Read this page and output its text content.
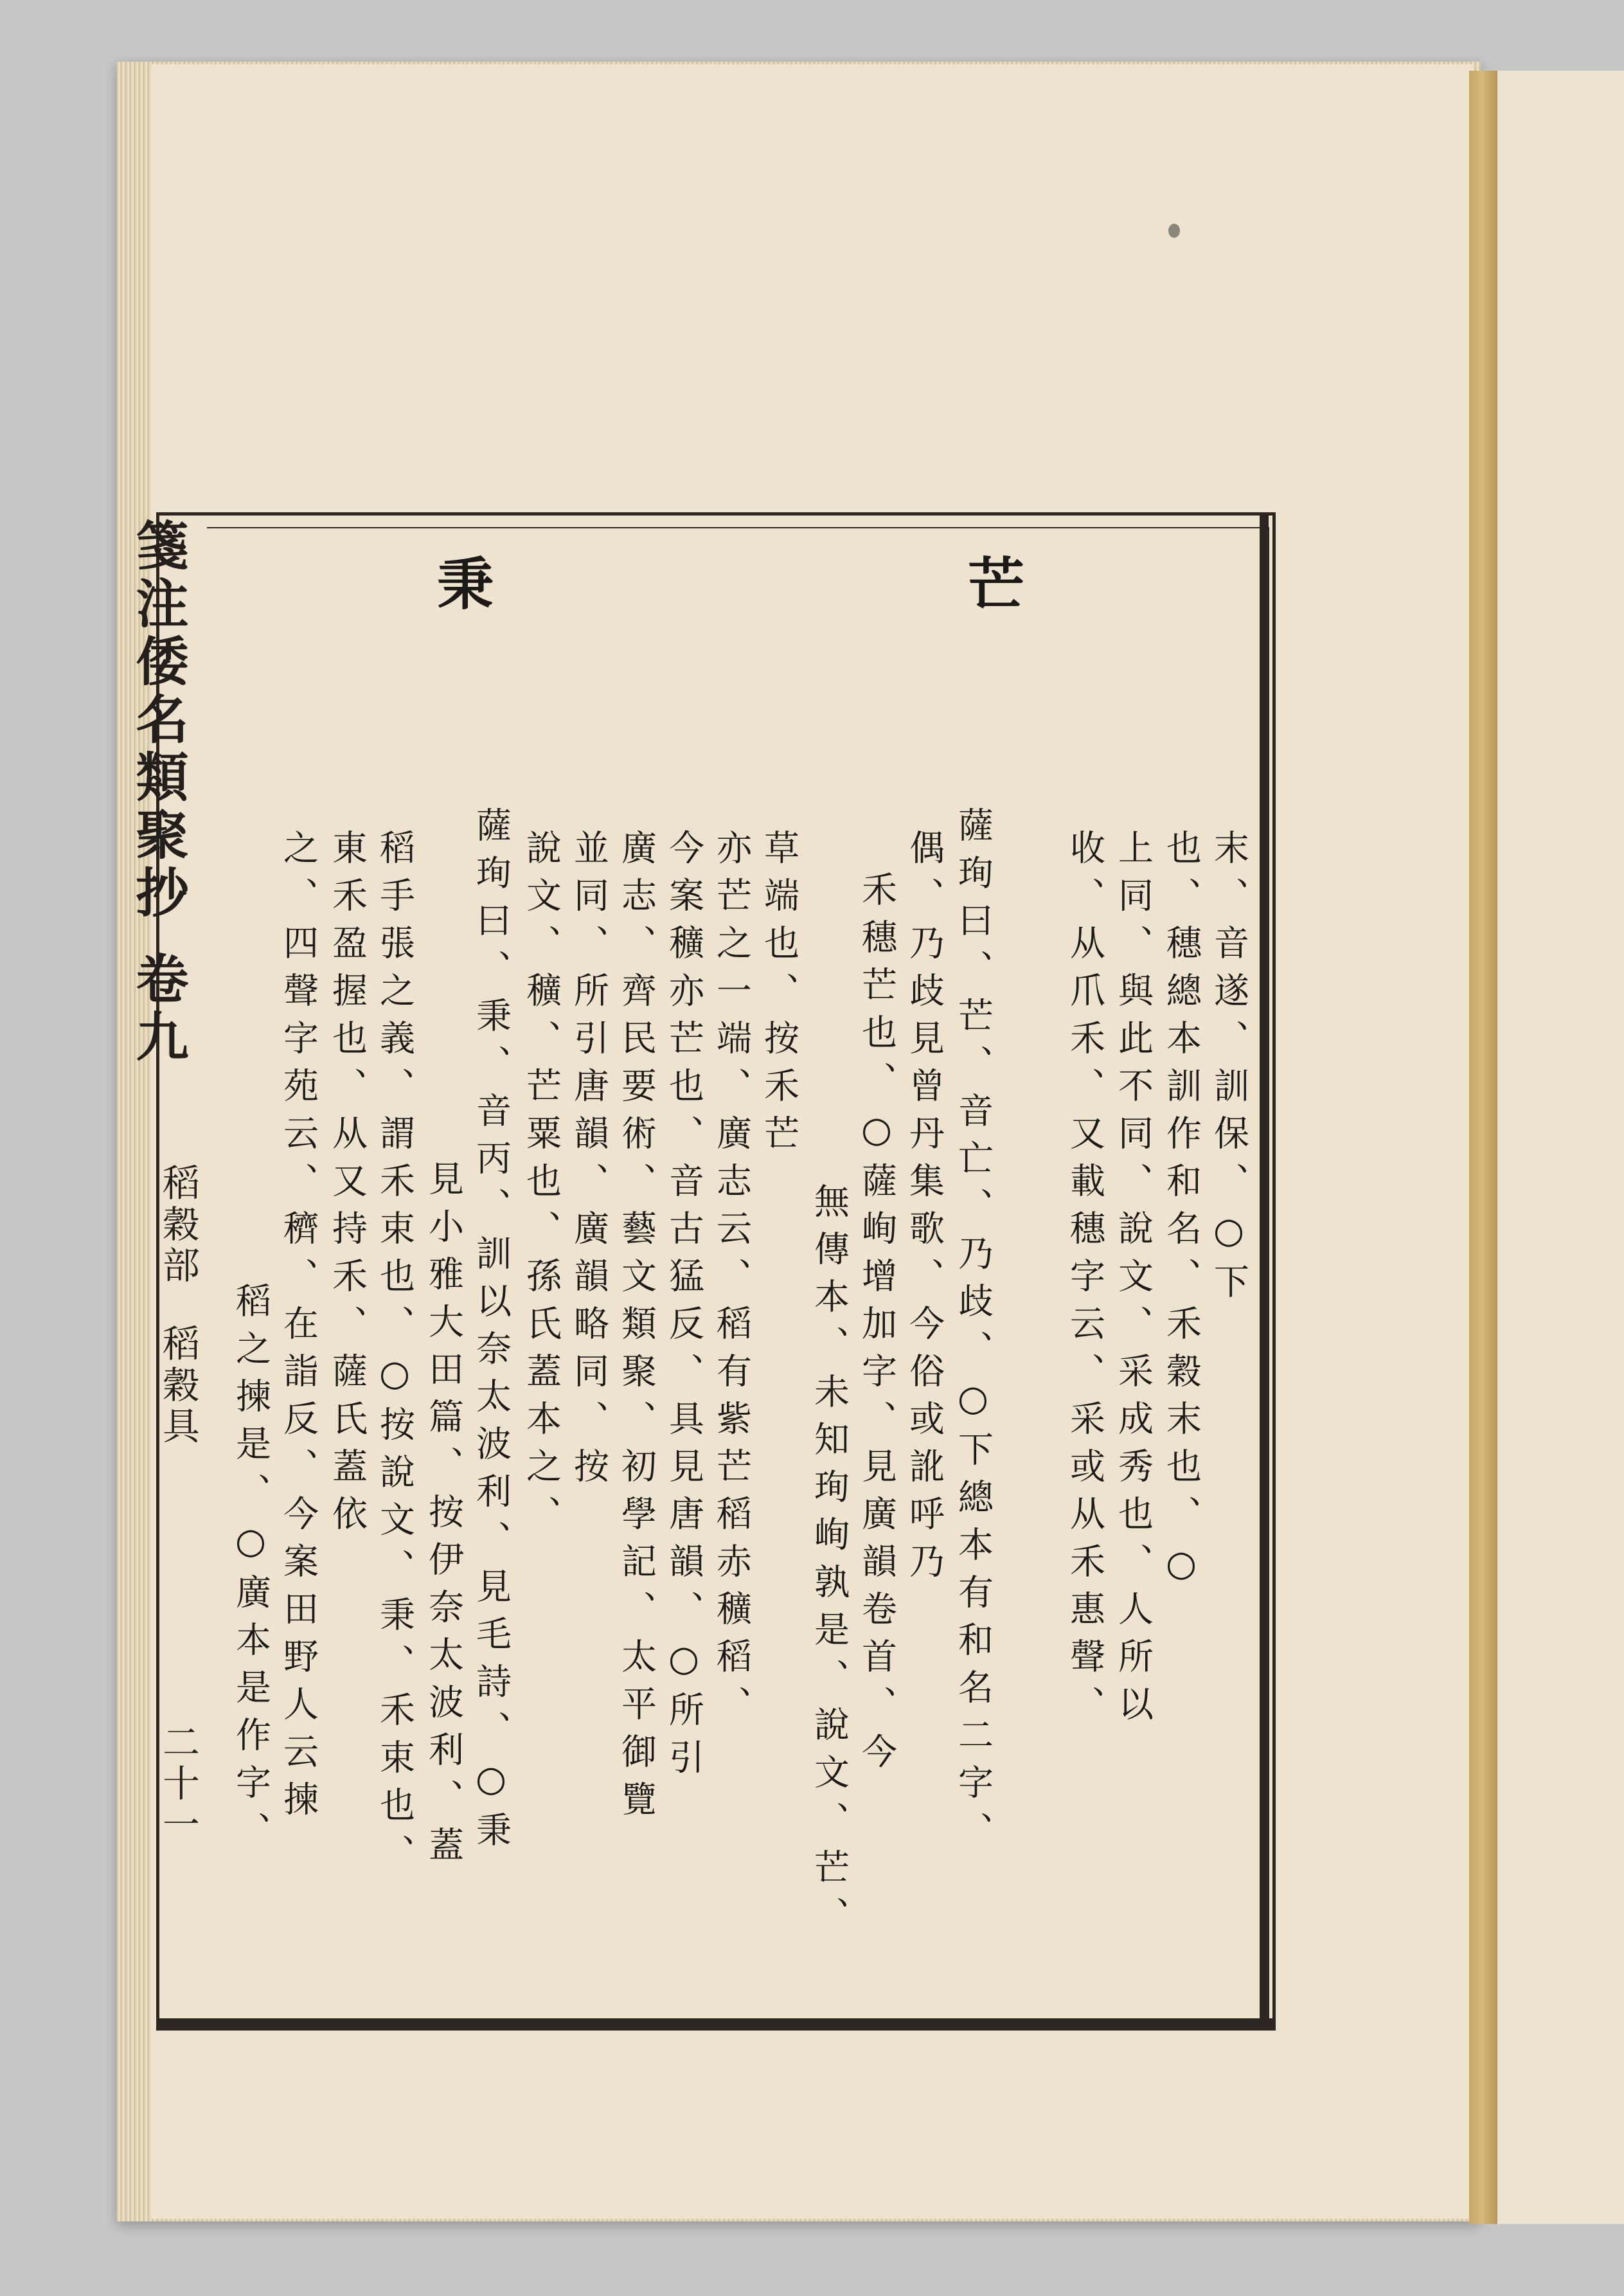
箋注倭名類聚抄
卷九
稻穀部
稻穀具
二十一
芒
秉
末、音遂、訓保、○下
也、穗總本訓作和名、禾穀末也、○
上同、與此不同、說文、采成秀也、人所以
收、从爪禾、又載穗字云、采或从禾惠聲、
薩珣曰、芒、音亡、乃歧、○下總本有和名二字、
偶、乃歧見曾丹集歌、今俗或訛呼乃
禾穗芒也、○薩峋增加字、見廣韻卷首、今
無傳本、未知珣峋孰是、說文、芒、
草端也、按禾芒
亦芒之一端、廣志云、稻有紫芒稻赤穬稻、
今案穬亦芒也、音古猛反、具見唐韻、○所引
廣志、齊民要術、藝文類聚、初學記、太平御覽
並同、所引唐韻、廣韻略同、按
說文、穬、芒粟也、孫氏蓋本之、
薩珣曰、秉、音丙、訓以奈太波利、見毛詩、○秉
見小雅大田篇、按伊奈太波利、蓋
稻手張之義、謂禾束也、○按說文、秉、禾束也、
東禾盈握也、从又持禾、薩氏蓋依
之、四聲字苑云、穧、在詣反、今案田野人云揀
稻之揀是、○廣本是作字、
